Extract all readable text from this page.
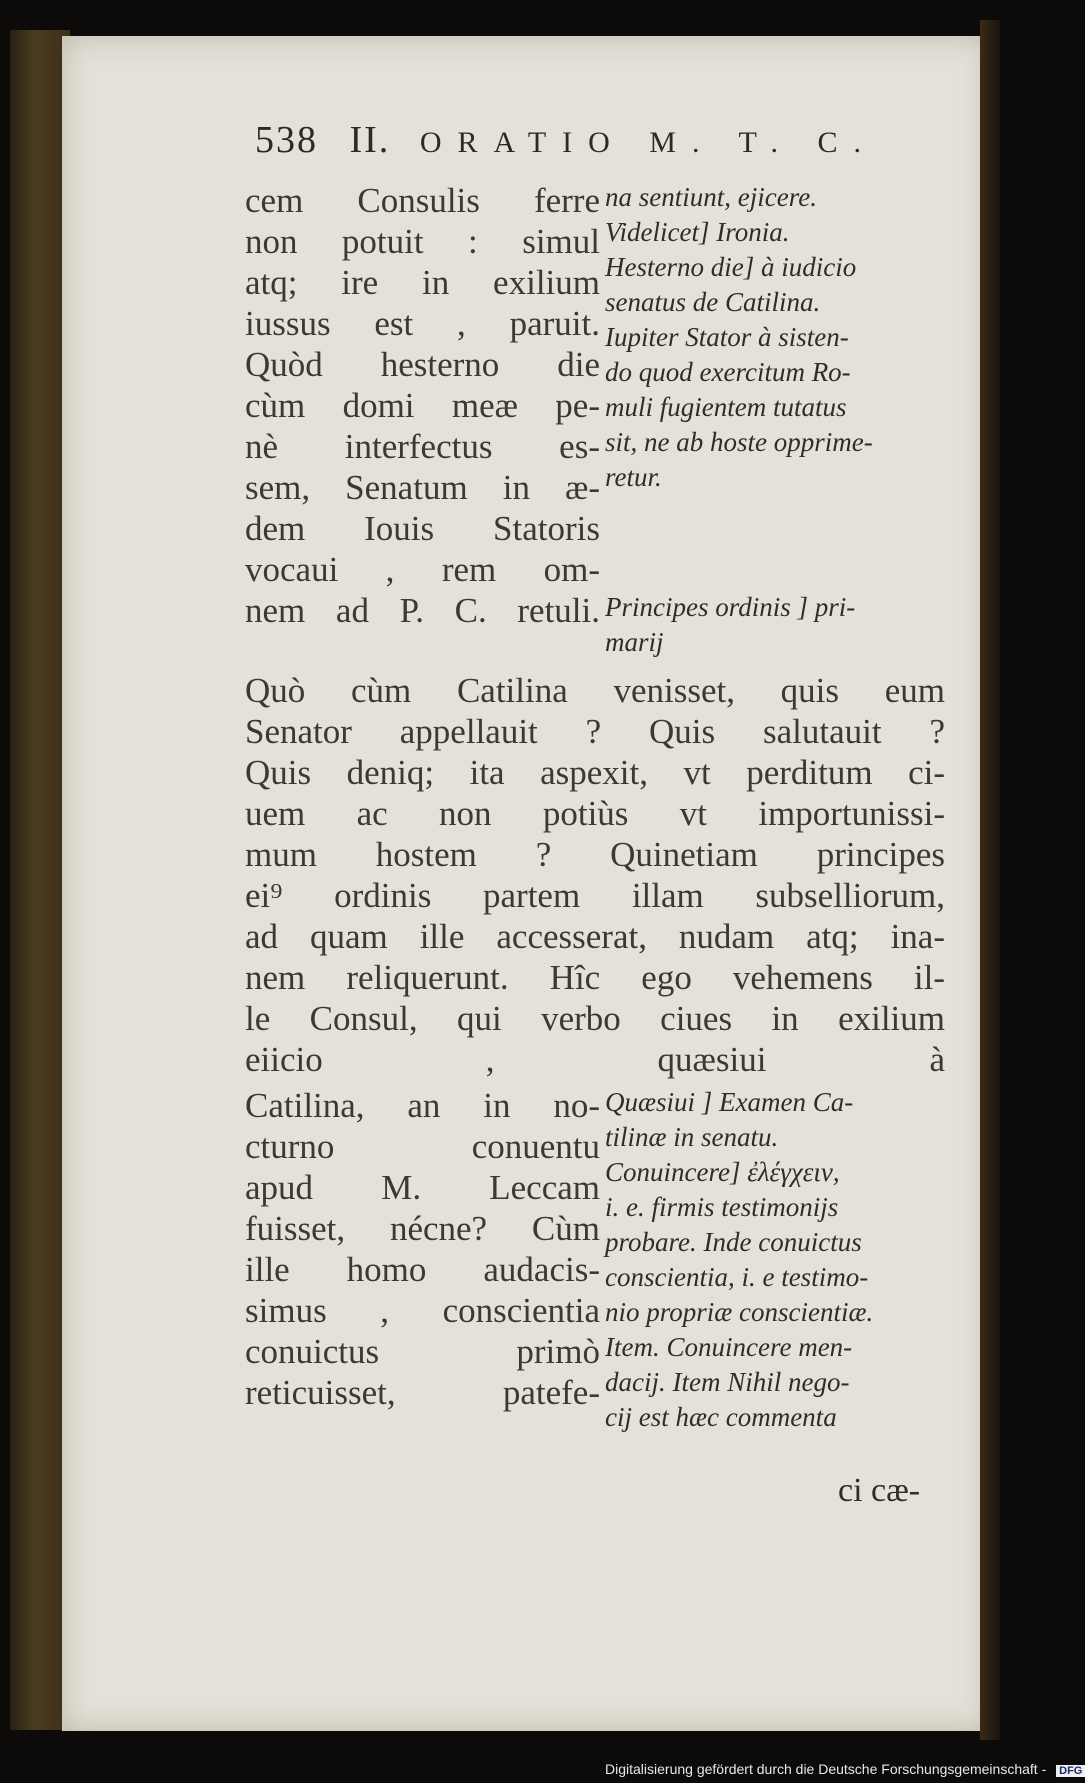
538 II. ORATIO M. T. C.
cem Consulis ferre
non potuit : simul
atq; ire in exilium
iussus est , paruit.
Quòd hesterno die
cùm domi meæ pe-
nè interfectus es-
sem, Senatum in æ-
dem Iouis Statoris
vocaui , rem om-
nem ad P. C. retuli.
na sentiunt, ejicere.
Videlicet] Ironia.
Hesterno die] à iudicio
senatus de Catilina.
Iupiter Stator à sisten-
do quod exercitum Ro-
muli fugientem tutatus
sit, ne ab hoste opprime-
retur.
Principes ordinis ] pri-
marij
Quò cùm Catilina venisset, quis eum
Senator appellauit ? Quis salutauit ?
Quis deniq; ita aspexit, vt perditum ci-
uem ac non potiùs vt importunissi-
mum hostem ? Quinetiam principes
ei⁹ ordinis partem illam subselliorum,
ad quam ille accesserat, nudam atq; ina-
nem reliquerunt. Hîc ego vehemens il-
le Consul, qui verbo ciues in exilium
eiicio , quæsiui à
Catilina, an in no-
cturno conuentu
apud M. Leccam
fuisset, nécne? Cùm
ille homo audacis-
simus , conscientia
conuictus primò
reticuisset, patefe-
Quæsiui ] Examen Ca-
tilinæ in senatu.
Conuincere] ἐλέγχειν,
i. e. firmis testimonijs
probare. Inde conuictus
conscientia, i. e testimo-
nio propriæ conscientiæ.
Item. Conuincere men-
dacij. Item Nihil nego-
cij est hæc commenta
ci cæ-
Digitalisierung gefördert durch die Deutsche Forschungsgemeinschaft - DFG
